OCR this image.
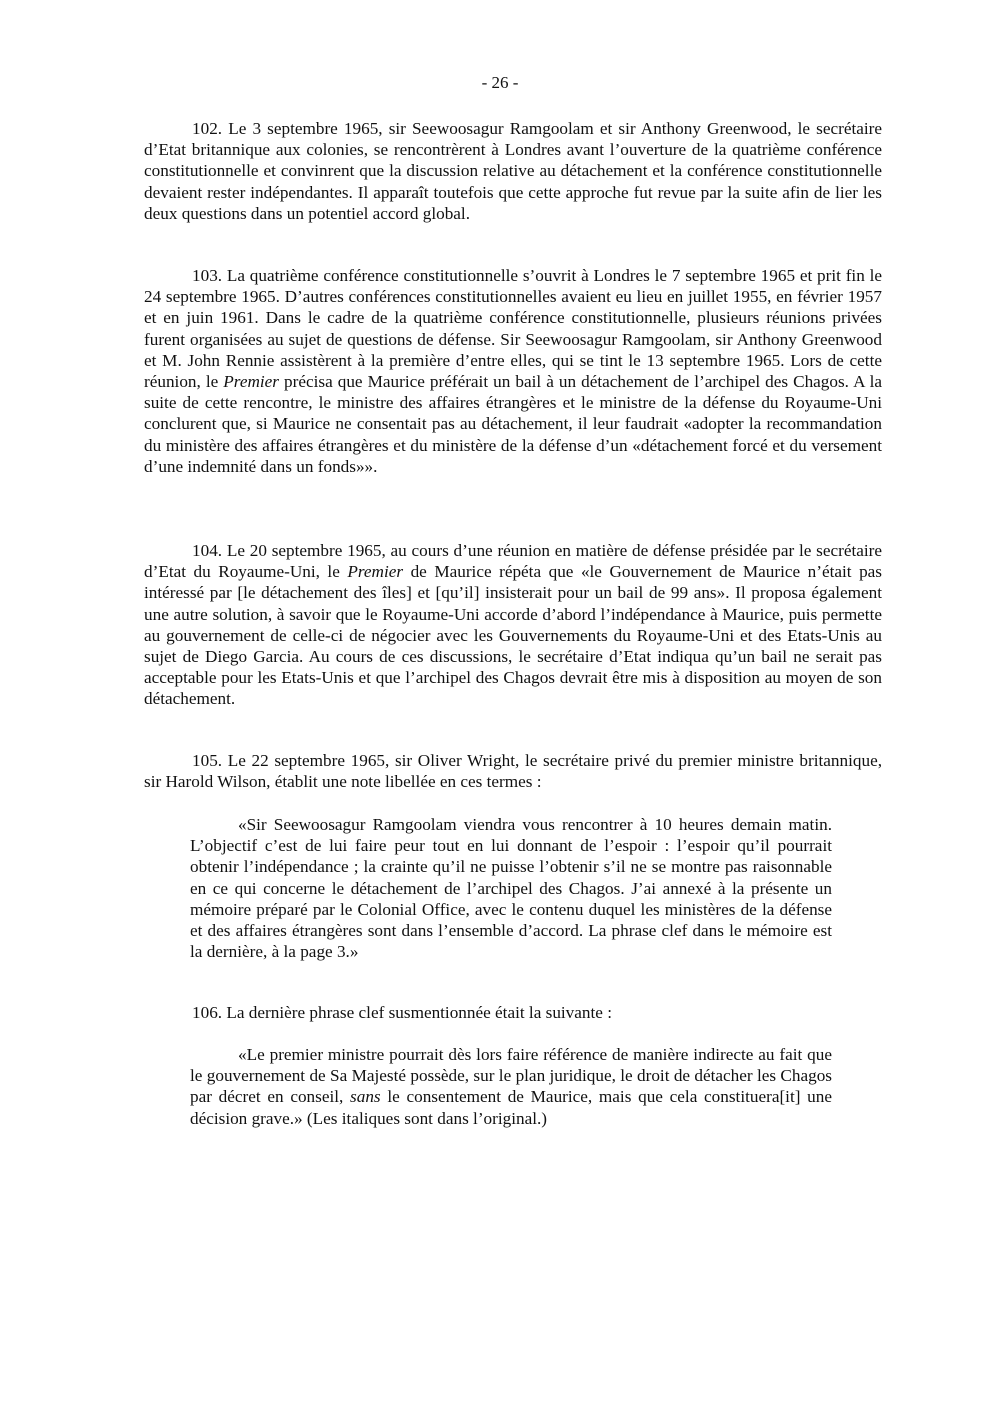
- 26 -

102. Le 3 septembre 1965, sir Seewoosagur Ramgoolam et sir Anthony Greenwood, le secrétaire d’Etat britannique aux colonies, se rencontrèrent à Londres avant l’ouverture de la quatrième conférence constitutionnelle et convinrent que la discussion relative au détachement et la conférence constitutionnelle devaient rester indépendantes. Il apparaît toutefois que cette approche fut revue par la suite afin de lier les deux questions dans un potentiel accord global.

103. La quatrième conférence constitutionnelle s’ouvrit à Londres le 7 septembre 1965 et prit fin le 24 septembre 1965. D’autres conférences constitutionnelles avaient eu lieu en juillet 1955, en février 1957 et en juin 1961. Dans le cadre de la quatrième conférence constitutionnelle, plusieurs réunions privées furent organisées au sujet de questions de défense. Sir Seewoosagur Ramgoolam, sir Anthony Greenwood et M. John Rennie assistèrent à la première d’entre elles, qui se tint le 13 septembre 1965. Lors de cette réunion, le Premier précisa que Maurice préférait un bail à un détachement de l’archipel des Chagos. A la suite de cette rencontre, le ministre des affaires étrangères et le ministre de la défense du Royaume-Uni conclurent que, si Maurice ne consentait pas au détachement, il leur faudrait «adopter la recommandation du ministère des affaires étrangères et du ministère de la défense d’un «détachement forcé et du versement d’une indemnité dans un fonds»».

104. Le 20 septembre 1965, au cours d’une réunion en matière de défense présidée par le secrétaire d’Etat du Royaume-Uni, le Premier de Maurice répéta que «le Gouvernement de Maurice n’était pas intéressé par [le détachement des îles] et [qu’il] insisterait pour un bail de 99 ans». Il proposa également une autre solution, à savoir que le Royaume-Uni accorde d’abord l’indépendance à Maurice, puis permette au gouvernement de celle-ci de négocier avec les Gouvernements du Royaume-Uni et des Etats-Unis au sujet de Diego Garcia. Au cours de ces discussions, le secrétaire d’Etat indiqua qu’un bail ne serait pas acceptable pour les Etats-Unis et que l’archipel des Chagos devrait être mis à disposition au moyen de son détachement.

105. Le 22 septembre 1965, sir Oliver Wright, le secrétaire privé du premier ministre britannique, sir Harold Wilson, établit une note libellée en ces termes :

«Sir Seewoosagur Ramgoolam viendra vous rencontrer à 10 heures demain matin. L’objectif c’est de lui faire peur tout en lui donnant de l’espoir : l’espoir qu’il pourrait obtenir l’indépendance ; la crainte qu’il ne puisse l’obtenir s’il ne se montre pas raisonnable en ce qui concerne le détachement de l’archipel des Chagos. J’ai annexé à la présente un mémoire préparé par le Colonial Office, avec le contenu duquel les ministères de la défense et des affaires étrangères sont dans l’ensemble d’accord. La phrase clef dans le mémoire est la dernière, à la page 3.»

106. La dernière phrase clef susmentionnée était la suivante :

«Le premier ministre pourrait dès lors faire référence de manière indirecte au fait que le gouvernement de Sa Majesté possède, sur le plan juridique, le droit de détacher les Chagos par décret en conseil, sans le consentement de Maurice, mais que cela constituera[it] une décision grave.» (Les italiques sont dans l’original.)
